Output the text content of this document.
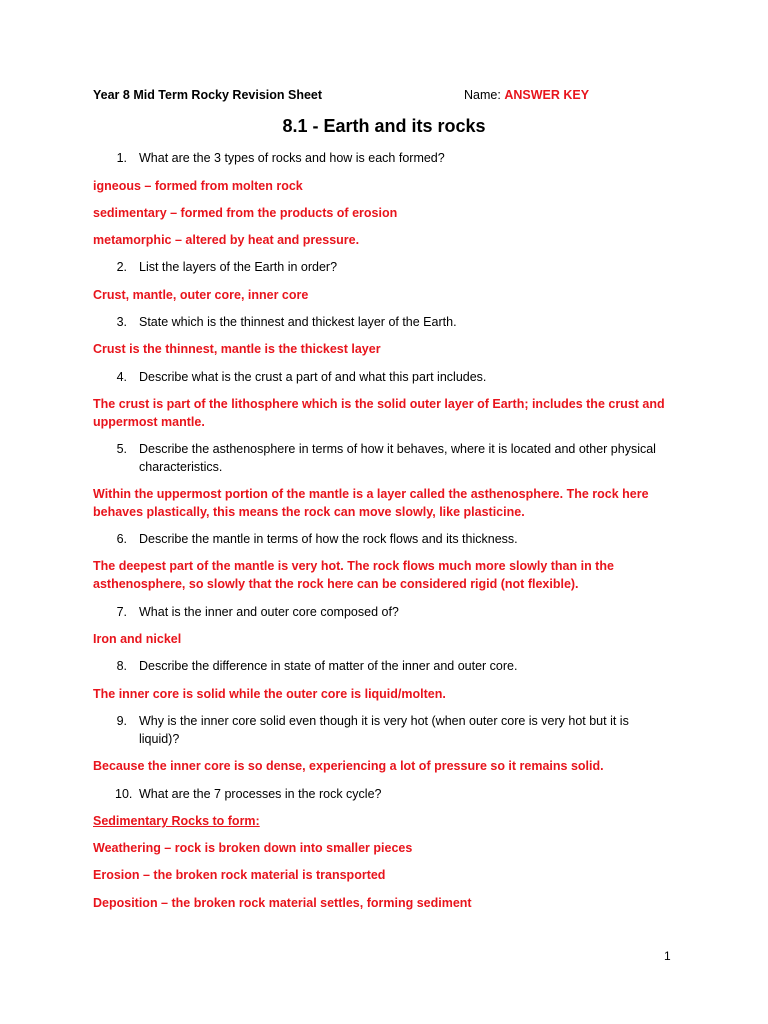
Year 8 Mid Term Rocky Revision Sheet	Name: ANSWER KEY
8.1 - Earth and its rocks
1. What are the 3 types of rocks and how is each formed?
igneous – formed from molten rock
sedimentary – formed from the products of erosion
metamorphic – altered by heat and pressure.
2. List the layers of the Earth in order?
Crust, mantle, outer core, inner core
3. State which is the thinnest and thickest layer of the Earth.
Crust is the thinnest, mantle is the thickest layer
4. Describe what is the crust a part of and what this part includes.
The crust is part of the lithosphere which is the solid outer layer of Earth; includes the crust and uppermost mantle.
5. Describe the asthenosphere in terms of how it behaves, where it is located and other physical characteristics.
Within the uppermost portion of the mantle is a layer called the asthenosphere. The rock here behaves plastically, this means the rock can move slowly, like plasticine.
6. Describe the mantle in terms of how the rock flows and its thickness.
The deepest part of the mantle is very hot. The rock flows much more slowly than in the asthenosphere, so slowly that the rock here can be considered rigid (not flexible).
7. What is the inner and outer core composed of?
Iron and nickel
8. Describe the difference in state of matter of the inner and outer core.
The inner core is solid while the outer core is liquid/molten.
9. Why is the inner core solid even though it is very hot (when outer core is very hot but it is liquid)?
Because the inner core is so dense, experiencing a lot of pressure so it remains solid.
10. What are the 7 processes in the rock cycle?
Sedimentary Rocks to form:
Weathering – rock is broken down into smaller pieces
Erosion – the broken rock material is transported
Deposition – the broken rock material settles, forming sediment
1
